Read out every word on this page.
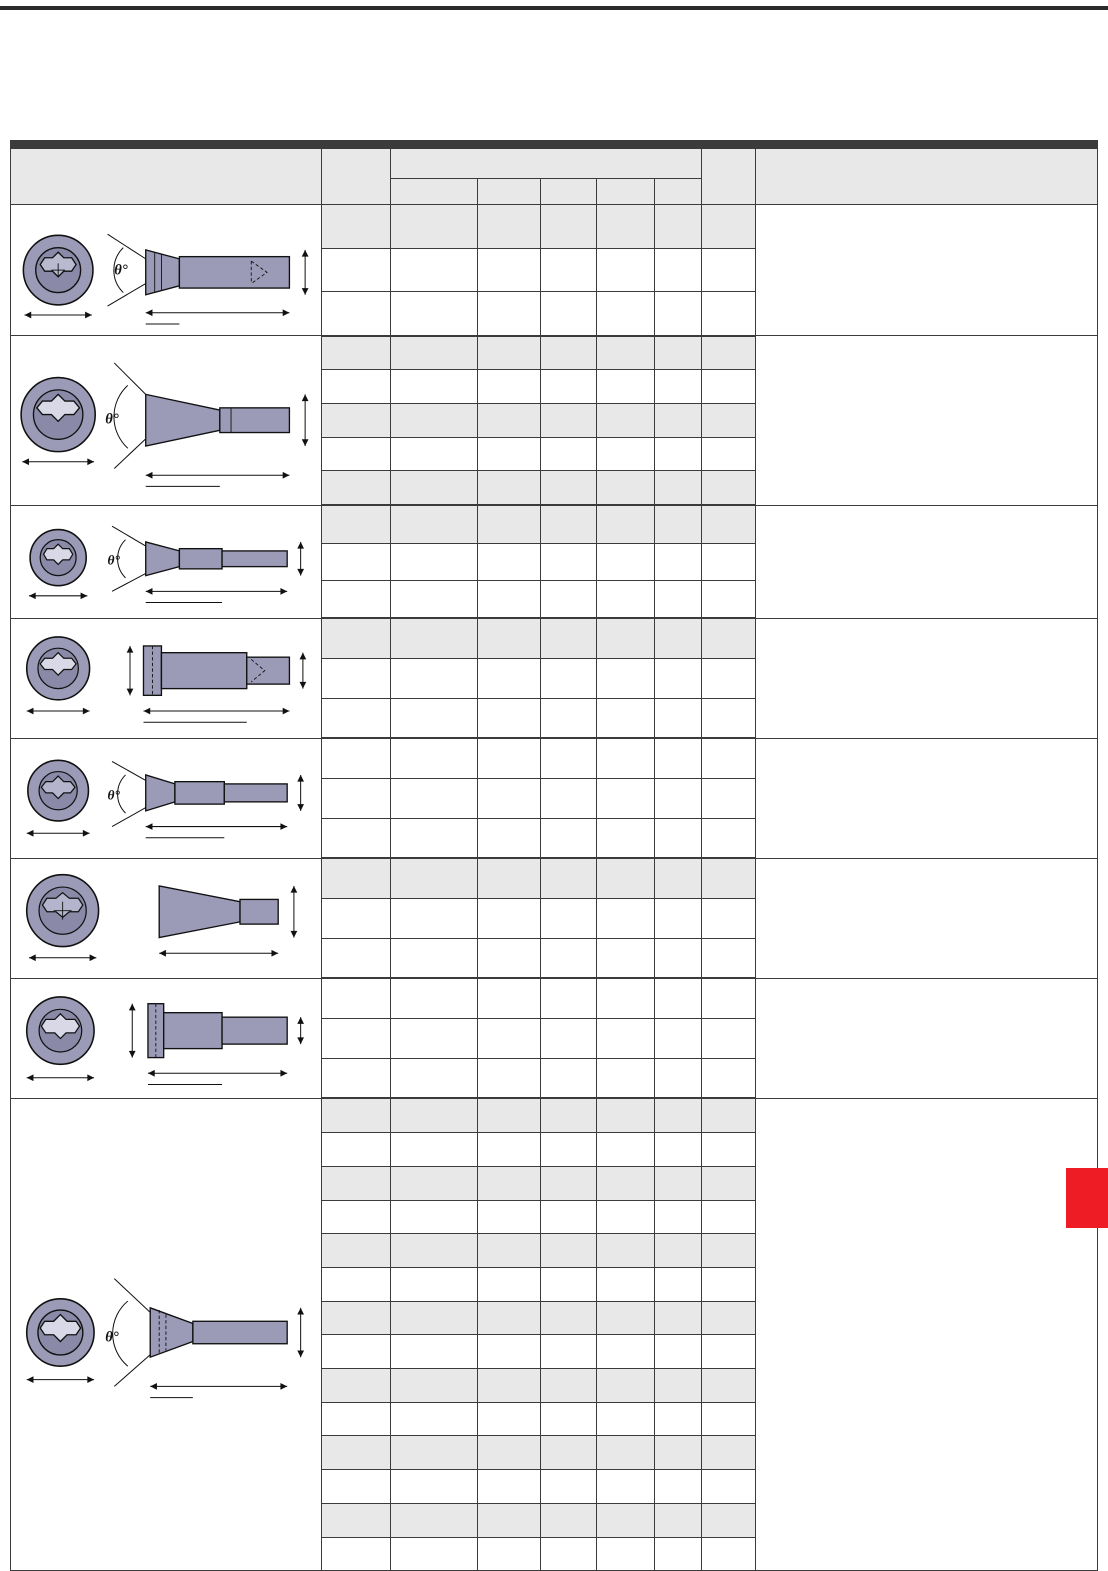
θ°								

θ°								

θ°								

θ°								

θ°								
